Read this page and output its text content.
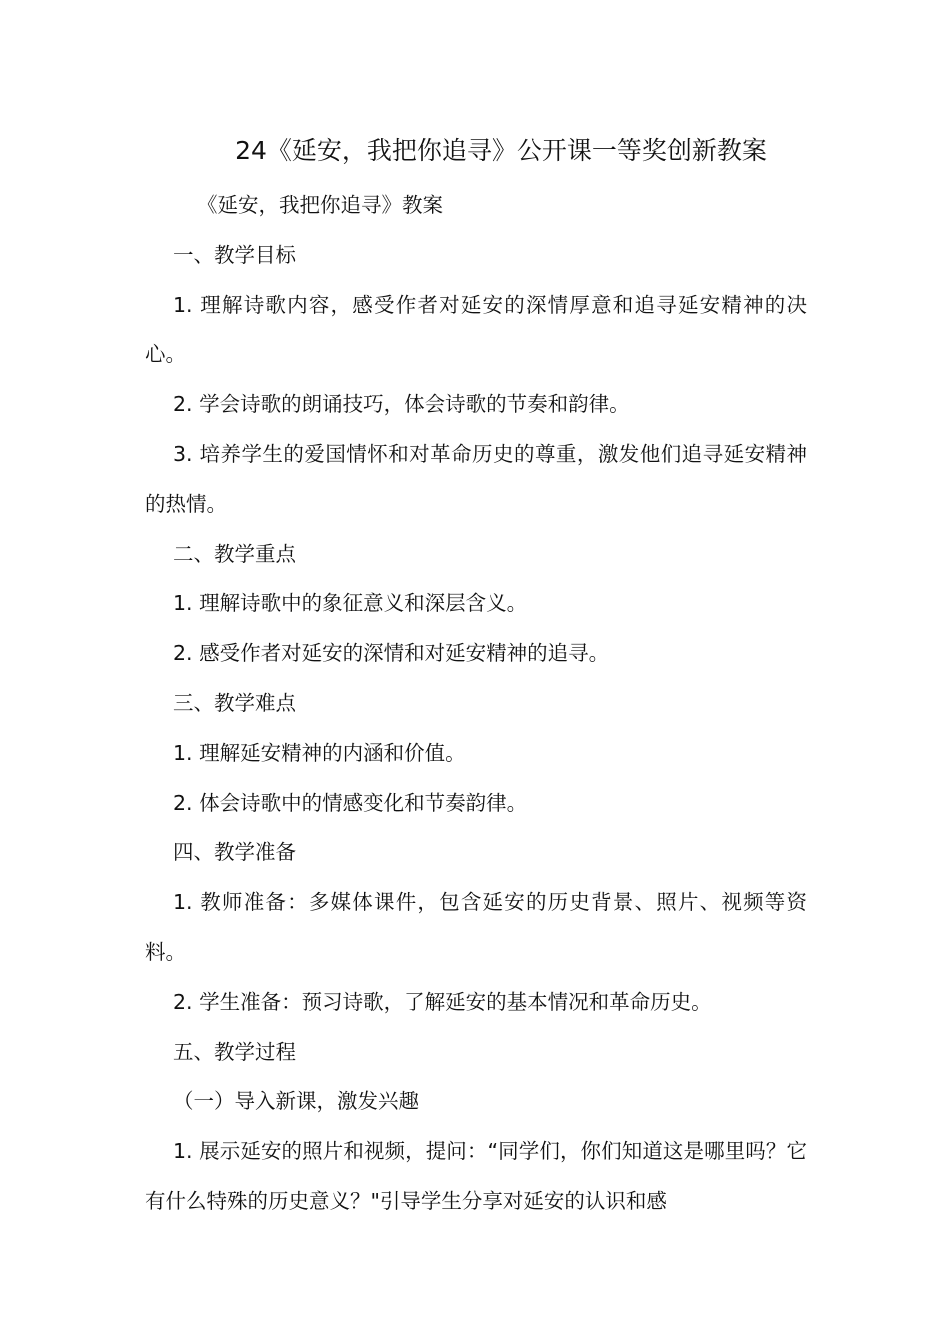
24《延安，我把你追寻》公开课一等奖创新教案

《延安，我把你追寻》教案

一、教学目标

1. 理解诗歌内容，感受作者对延安的深情厚意和追寻延安精神的决心。

2. 学会诗歌的朗诵技巧，体会诗歌的节奏和韵律。

3. 培养学生的爱国情怀和对革命历史的尊重，激发他们追寻延安精神的热情。

二、教学重点

1. 理解诗歌中的象征意义和深层含义。

2. 感受作者对延安的深情和对延安精神的追寻。

三、教学难点

1. 理解延安精神的内涵和价值。

2. 体会诗歌中的情感变化和节奏韵律。

四、教学准备

1. 教师准备：多媒体课件，包含延安的历史背景、照片、视频等资料。

2. 学生准备：预习诗歌，了解延安的基本情况和革命历史。

五、教学过程

（一）导入新课，激发兴趣

1. 展示延安的照片和视频，提问：“同学们，你们知道这是哪里吗？它有什么特殊的历史意义？"引导学生分享对延安的认识和感
